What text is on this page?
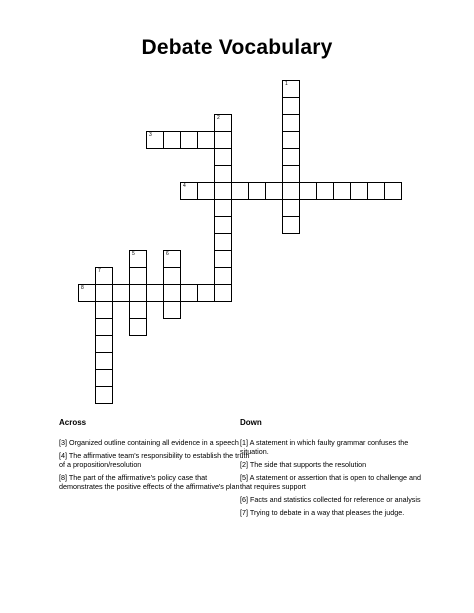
Debate Vocabulary
1
2
3
4
5	6
7
8
Across
[3] Organized outline containing all evidence in a speech
[4] The affirmative team's responsibility to establish the truth of a proposition/resolution
[8] The part of the affirmative's policy case that demonstrates the positive effects of the affirmative's plan
Down
[1] A statement in which faulty grammar confuses the situation.
[2] The side that supports the resolution
[5] A statement or assertion that is open to challenge and that requires support
[6] Facts and statistics collected for reference or analysis
[7] Trying to debate in a way that pleases the judge.
